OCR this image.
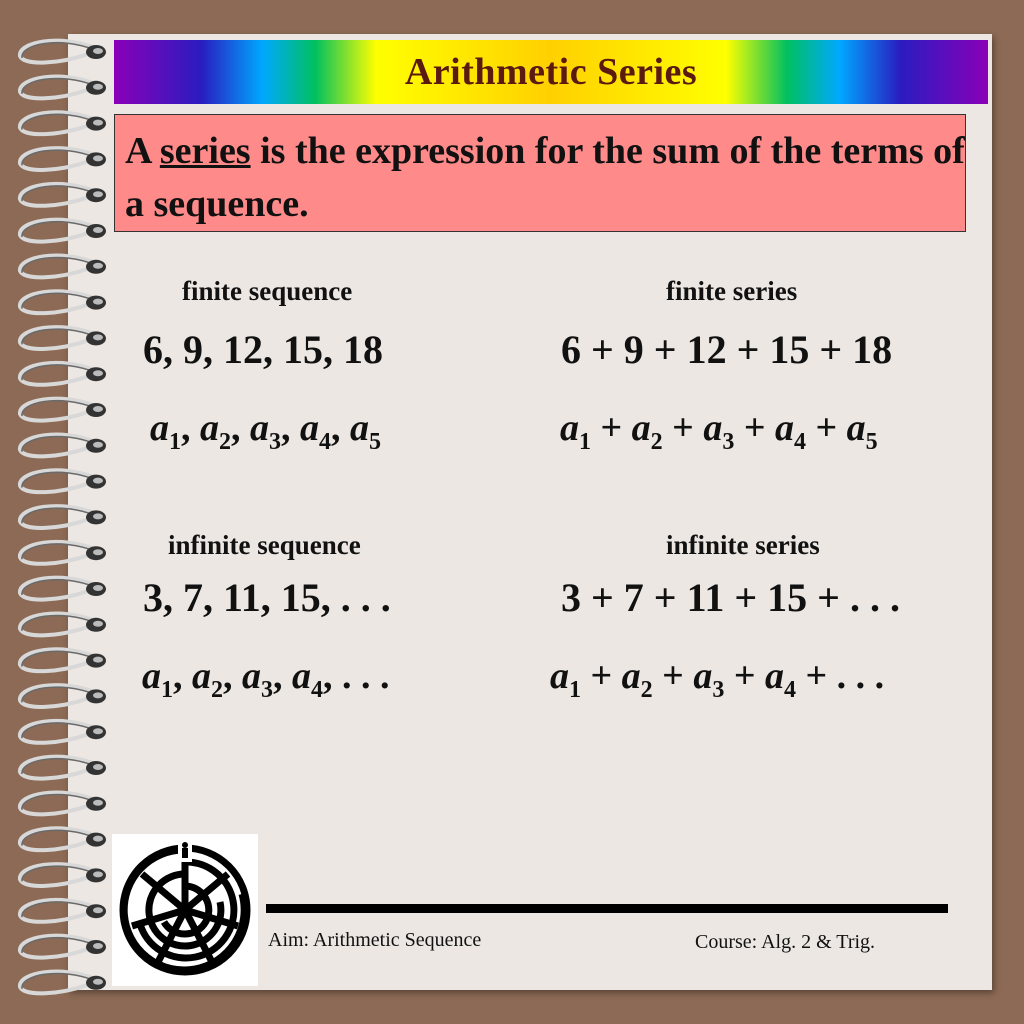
Arithmetic Series
A series is the expression for the sum of the terms of a sequence.
finite sequence	finite series
6, 9, 12, 15, 18	6 + 9 + 12 + 15 + 18
$a_1$, $a_2$, $a_3$, $a_4$, $a_5$	$a_1 + a_2 + a_3 + a_4 + a_5$
infinite sequence	infinite series
3, 7, 11, 15, . . .	3 + 7 + 11 + 15 + . . .
$a_1$, $a_2$, $a_3$, $a_4$, . . .	$a_1 + a_2 + a_3 + a_4$ + . . .
Aim: Arithmetic Sequence	Course: Alg. 2 & Trig.
